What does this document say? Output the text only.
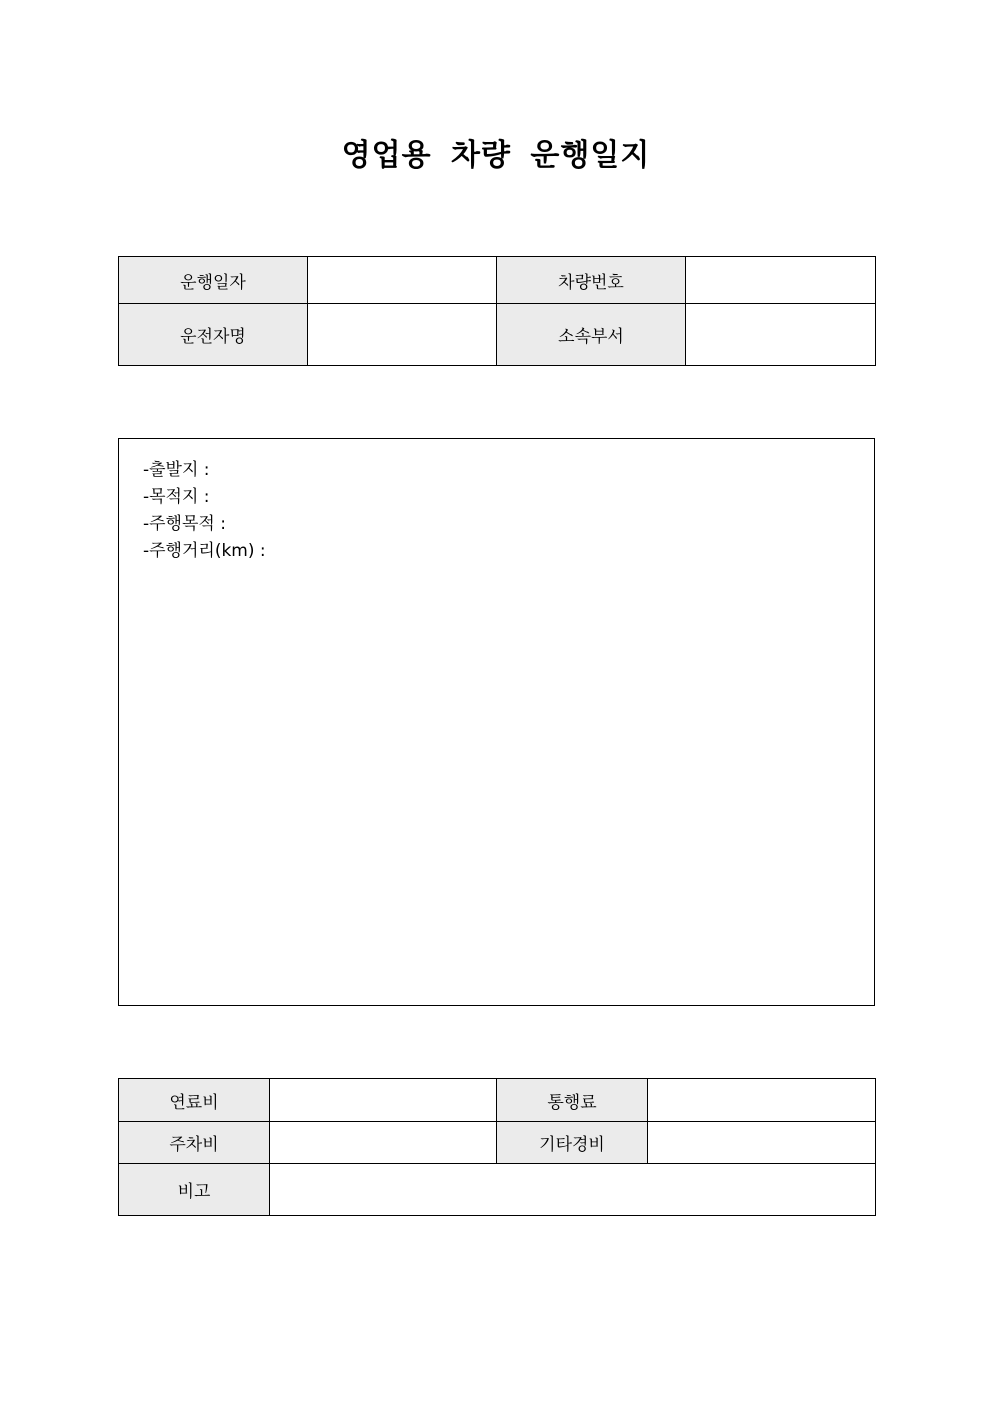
영업용 차량 운행일지
운행일자		차량번호	
운전자명		소속부서	
-출발지 :
-목적지 :
-주행목적 :
-주행거리(km) :
연료비		통행료	
주차비		기타경비	
비고			
